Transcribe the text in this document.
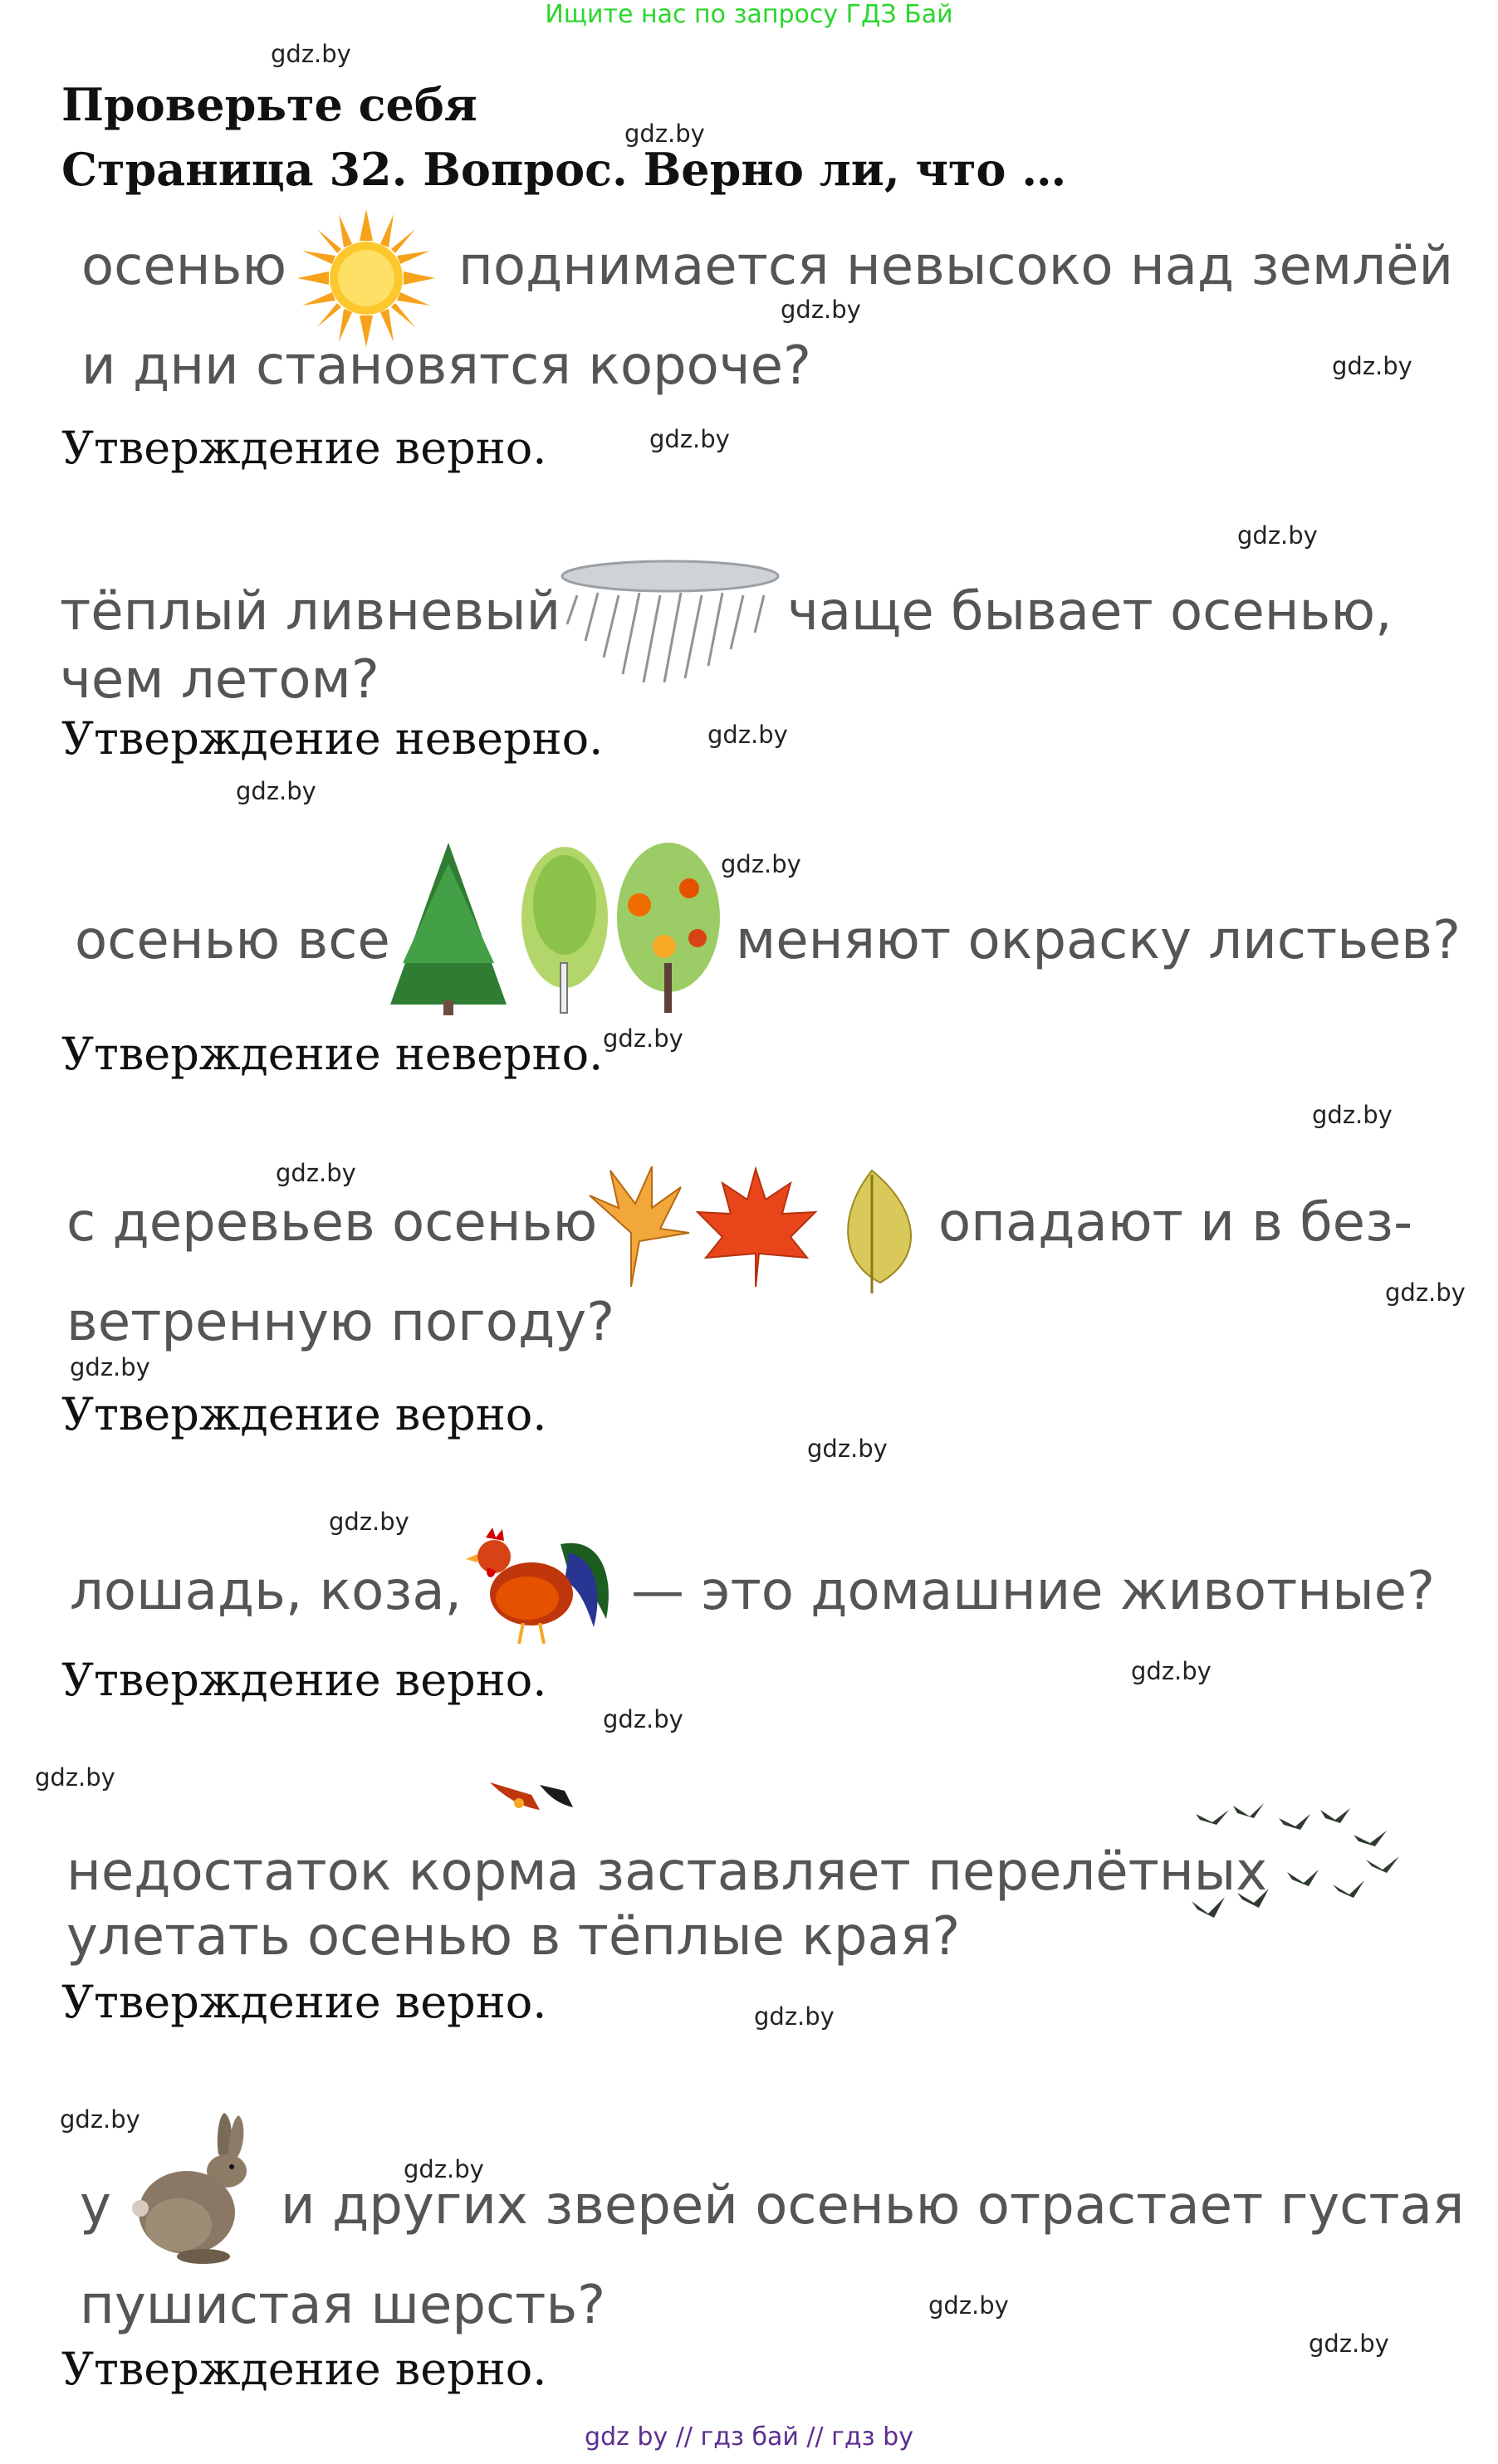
Ищите нас по запросу ГДЗ Бай
Проверьте себя
Страница 32. Вопрос. Верно ли, что …
осенью	поднимается невысоко над землёй
и дни становятся короче?
Утверждение верно.
тёплый ливневый	чаще бывает осенью,
чем летом?
Утверждение неверно.
осенью все	меняют окраску листьев?
Утверждение неверно.
с деревьев осенью	опадают и в без-
ветренную погоду?
Утверждение верно.
лошадь, коза,	— это домашние животные?
Утверждение верно.
недостаток корма заставляет перелётных
улетать осенью в тёплые края?
Утверждение верно.
у	и других зверей осенью отрастает густая
пушистая шерсть?
Утверждение верно.
gdz.by
gdz.by
gdz.by
gdz.by
gdz.by
gdz.by
gdz.by
gdz.by
gdz.by
gdz.by
gdz.by
gdz.by
gdz.by
gdz.by
gdz.by
gdz.by
gdz.by
gdz.by
gdz.by
gdz.by
gdz.by
gdz.by
gdz.by
gdz.by
gdz by // гдз бай // гдз by
